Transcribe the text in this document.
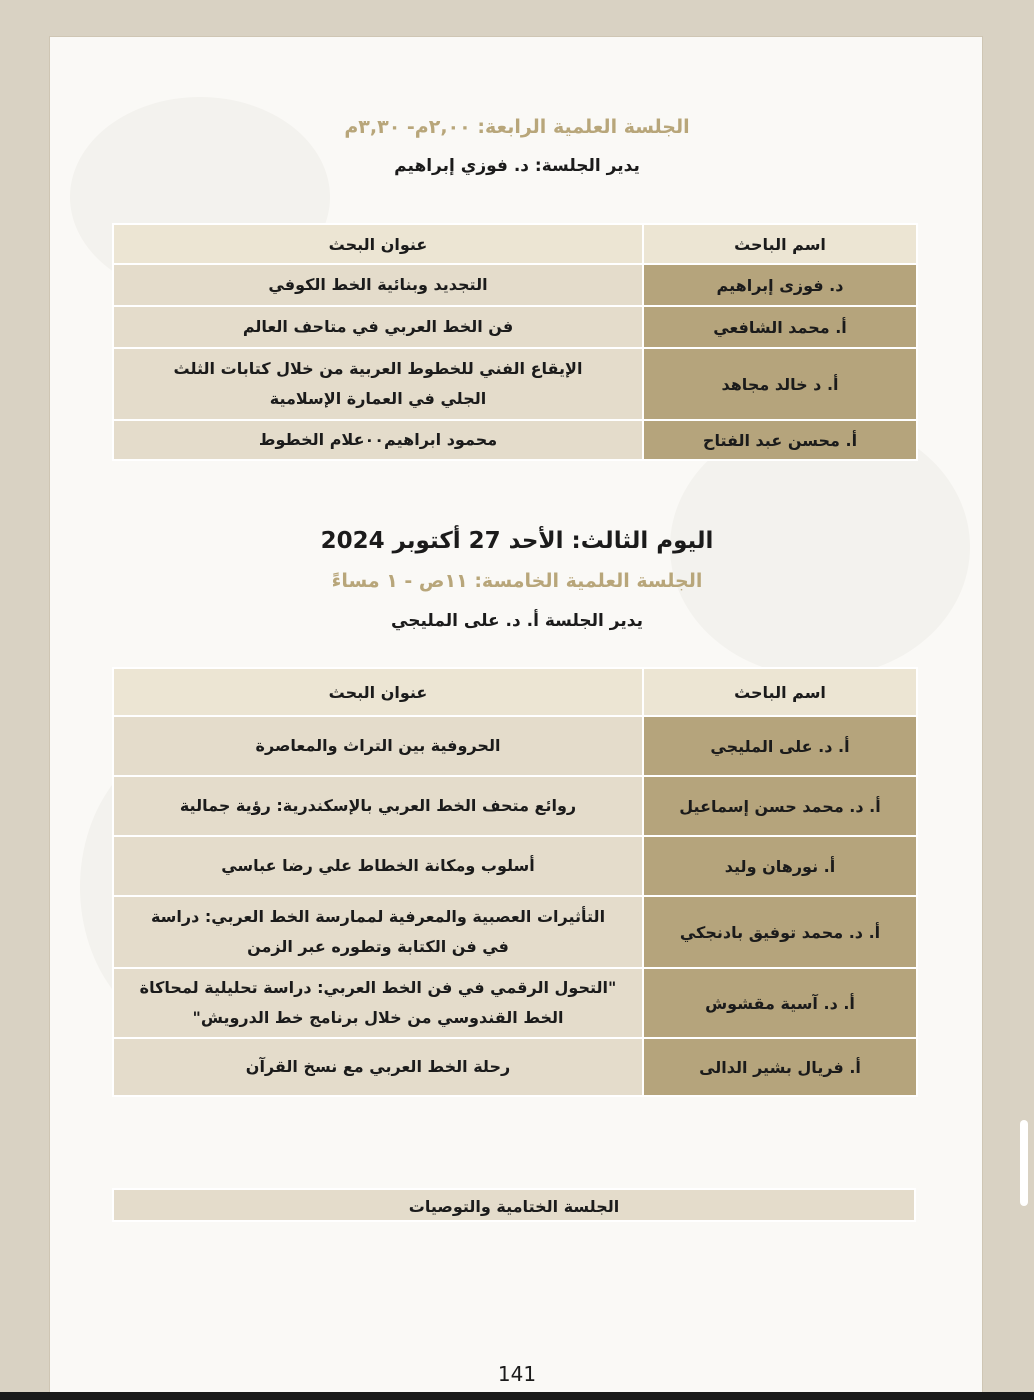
الجلسة العلمية الرابعة: ٢,٠٠م- ٣,٣٠م
يدير الجلسة: د. فوزي إبراهيم
اسم الباحث	عنوان البحث
د. فوزى إبراهيم	التجديد وبنائية الخط الكوفي
أ. محمد الشافعي	فن الخط العربي في متاحف العالم
أ. د خالد مجاهد	الإيقاع الفني للخطوط العربية من خلال كتابات الثلث
الجلي في العمارة الإسلامية

أ. محسن عبد الفتاح	محمود ابراهيم٠٠علام الخطوط
اليوم الثالث: الأحد 27 أكتوبر 2024
الجلسة العلمية الخامسة: ١١ص - ١ مساءً
يدير الجلسة أ. د. على المليجي
اسم الباحث	عنوان البحث
أ. د. على المليجي	الحروفية بين التراث والمعاصرة
أ. د. محمد حسن إسماعيل	روائع متحف الخط العربي بالإسكندرية: رؤية جمالية
أ. نورهان وليد	أسلوب ومكانة الخطاط علي رضا عباسي
أ. د. محمد توفيق بادنجكي	التأثيرات العصبية والمعرفية لممارسة الخط العربي: دراسة
في فن الكتابة وتطوره عبر الزمن

أ. د. آسية مقشوش	"التحول الرقمي في فن الخط العربي: دراسة تحليلية لمحاكاة
الخط القندوسي من خلال برنامج خط الدرويش"

أ. فريال بشير الدالى	رحلة الخط العربي مع نسخ القرآن
الجلسة الختامية والتوصيات
141
